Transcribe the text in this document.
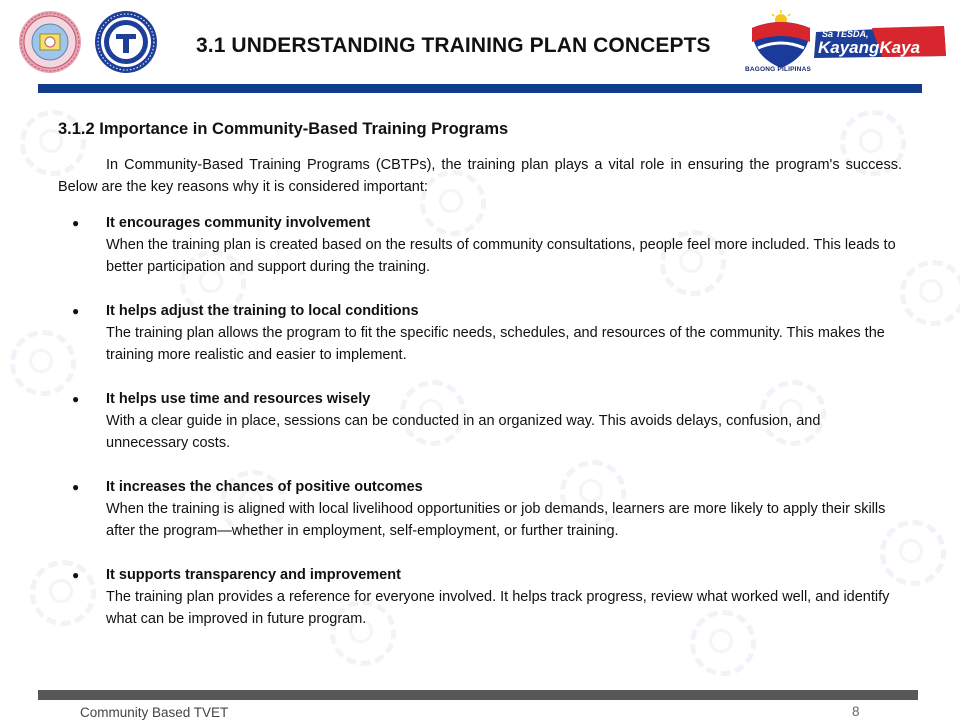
3.1 UNDERSTANDING TRAINING PLAN CONCEPTS
BAGONG PILIPINAS
Sa TESDA,
KayangKaya
3.1.2 Importance in Community-Based Training Programs

In Community-Based Training Programs (CBTPs), the training plan plays a vital role in ensuring the program's success. Below are the key reasons why it is considered important:

● It encourages community involvement
When the training plan is created based on the results of community consultations, people feel more included. This leads to better participation and support during the training.
● It helps adjust the training to local conditions
The training plan allows the program to fit the specific needs, schedules, and resources of the community. This makes the training more realistic and easier to implement.
● It helps use time and resources wisely
With a clear guide in place, sessions can be conducted in an organized way. This avoids delays, confusion, and unnecessary costs.
● It increases the chances of positive outcomes
When the training is aligned with local livelihood opportunities or job demands, learners are more likely to apply their skills after the program—whether in employment, self-employment, or further training.
● It supports transparency and improvement
The training plan provides a reference for everyone involved. It helps track progress, review what worked well, and identify what can be improved in future program.
Community Based TVET	8
